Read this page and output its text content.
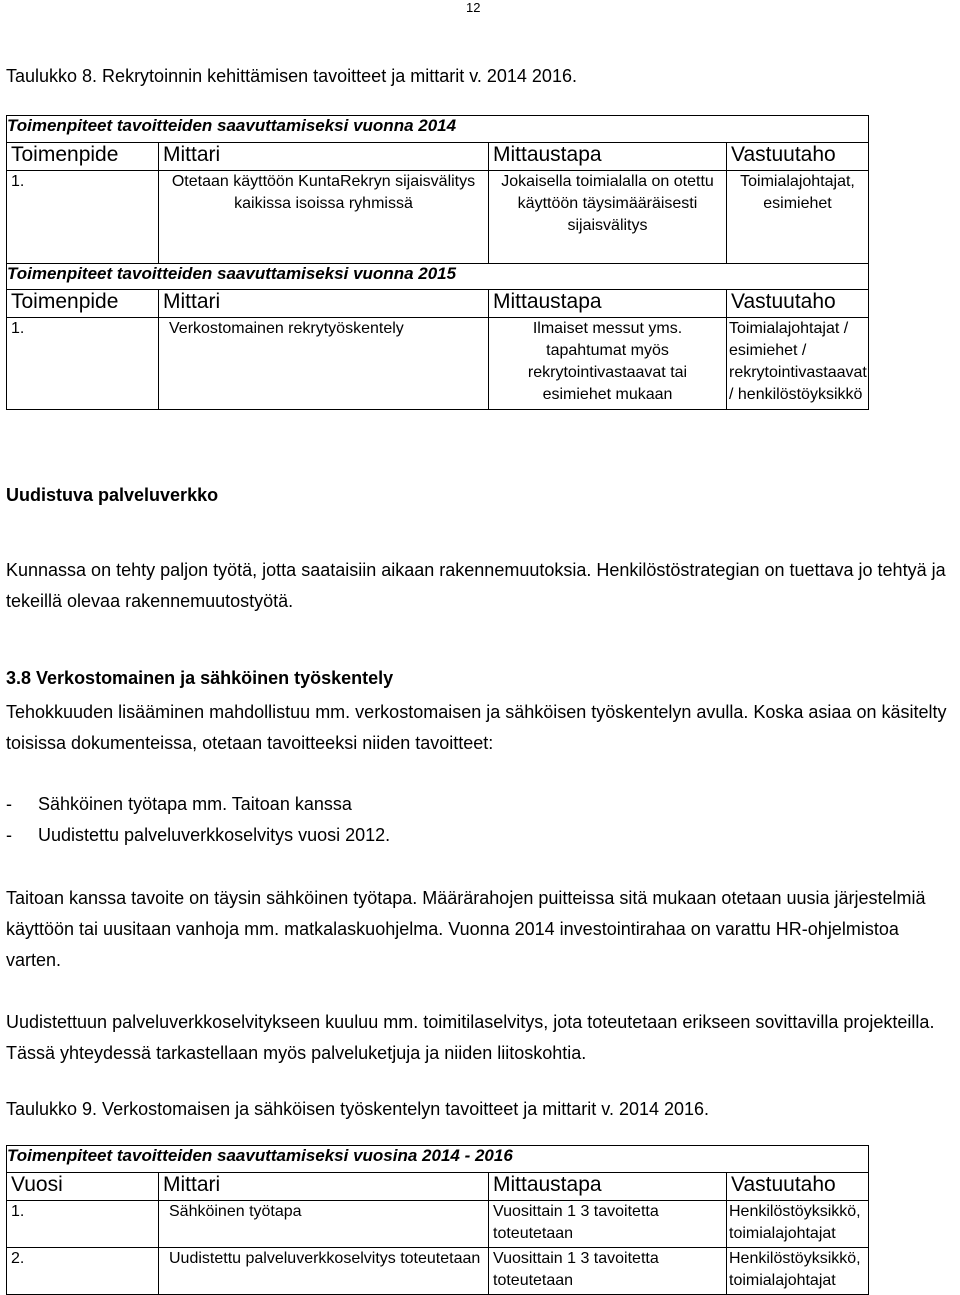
12
Taulukko 8. Rekrytoinnin kehittämisen tavoitteet ja mittarit v. 2014 2016.
Toimenpiteet tavoitteiden saavuttamiseksi vuonna 2014			
Toimenpide	Mittari	Mittaustapa	Vastuutaho
1.	Otetaan käyttöön KuntaRekryn sijaisvälitys kaikissa isoissa ryhmissä	Jokaisella toimialalla on otettu käyttöön täysimääräisesti sijaisvälitys	Toimialajohtajat, esimiehet
Toimenpiteet tavoitteiden saavuttamiseksi vuonna 2015			
Toimenpide	Mittari	Mittaustapa	Vastuutaho
1.	Verkostomainen rekrytyöskentely	Ilmaiset messut yms. tapahtumat myös rekrytointivastaavat tai esimiehet mukaan	Toimialajohtajat / esimiehet / rekrytointivastaavat / henkilöstöyksikkö
Uudistuva palveluverkko
Kunnassa on tehty paljon työtä, jotta saataisiin aikaan rakennemuutoksia. Henkilöstöstrategian on tuettava jo tehtyä ja tekeillä olevaa rakennemuutostyötä.
3.8 Verkostomainen ja sähköinen työskentely
Tehokkuuden lisääminen mahdollistuu mm. verkostomaisen ja sähköisen työskentelyn avulla. Koska asiaa on käsitelty toisissa dokumenteissa, otetaan tavoitteeksi niiden tavoitteet:
- Sähköinen työtapa mm. Taitoan kanssa
- Uudistettu palveluverkkoselvitys vuosi 2012.
Taitoan kanssa tavoite on täysin sähköinen työtapa. Määrärahojen puitteissa sitä mukaan otetaan uusia järjestelmiä käyttöön tai uusitaan vanhoja mm. matkalaskuohjelma. Vuonna 2014 investointirahaa on varattu HR-ohjelmistoa varten.
Uudistettuun palveluverkkoselvitykseen kuuluu mm. toimitilaselvitys, jota toteutetaan erikseen sovittavilla projekteilla. Tässä yhteydessä tarkastellaan myös palveluketjuja ja niiden liitoskohtia.
Taulukko 9. Verkostomaisen ja sähköisen työskentelyn tavoitteet ja mittarit v. 2014 2016.
Toimenpiteet tavoitteiden saavuttamiseksi vuosina 2014 - 2016			
Vuosi	Mittari	Mittaustapa	Vastuutaho
1.	Sähköinen työtapa	Vuosittain 1 3 tavoitetta toteutetaan	Henkilöstöyksikkö, toimialajohtajat
2.	Uudistettu palveluverkkoselvitys toteutetaan	Vuosittain 1 3 tavoitetta toteutetaan	Henkilöstöyksikkö, toimialajohtajat
